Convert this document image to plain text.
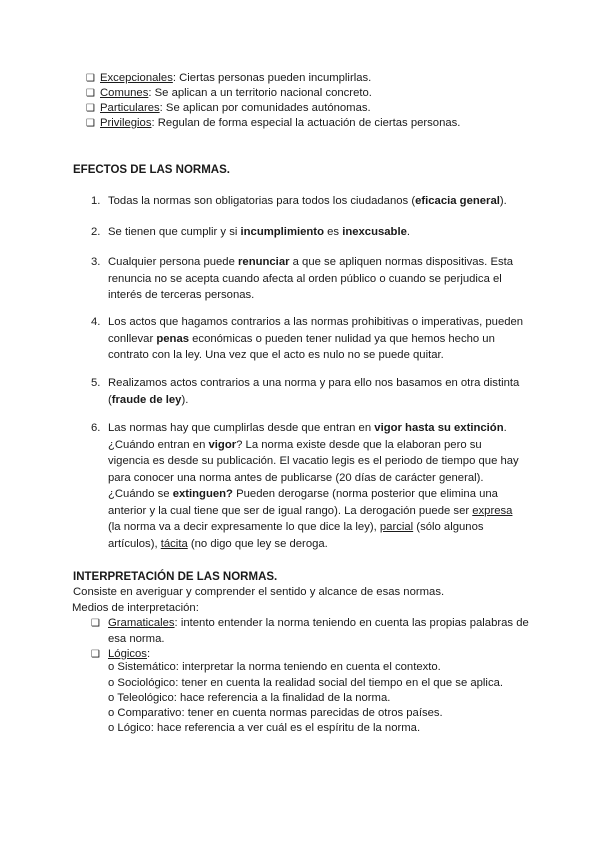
❑ Excepcionales: Ciertas personas pueden incumplirlas.
❑ Comunes: Se aplican a un territorio nacional concreto.
❑ Particulares: Se aplican por comunidades autónomas.
❑ Privilegios: Regulan de forma especial la actuación de ciertas personas.
EFECTOS DE LAS NORMAS.
1. Todas la normas son obligatorias para todos los ciudadanos (eficacia general).
2. Se tienen que cumplir y si incumplimiento es inexcusable.
3. Cualquier persona puede renunciar a que se apliquen normas dispositivas. Esta renuncia no se acepta cuando afecta al orden público o cuando se perjudica el interés de terceras personas.
4. Los actos que hagamos contrarios a las normas prohibitivas o imperativas, pueden conllevar penas económicas o pueden tener nulidad ya que hemos hecho un contrato con la ley. Una vez que el acto es nulo no se puede quitar.
5. Realizamos actos contrarios a una norma y para ello nos basamos en otra distinta (fraude de ley).
6. Las normas hay que cumplirlas desde que entran en vigor hasta su extinción. ¿Cuándo entran en vigor? La norma existe desde que la elaboran pero su vigencia es desde su publicación. El vacatio legis es el periodo de tiempo que hay para conocer una norma antes de publicarse (20 días de carácter general). ¿Cuándo se extinguen? Pueden derogarse (norma posterior que elimina una anterior y la cual tiene que ser de igual rango). La derogación puede ser expresa (la norma va a decir expresamente lo que dice la ley), parcial (sólo algunos artículos), tácita (no digo que ley se deroga.
INTERPRETACIÓN DE LAS NORMAS.
Consiste en averiguar y comprender el sentido y alcance de esas normas.
Medios de interpretación:
❑ Gramaticales: intento entender la norma teniendo en cuenta las propias palabras de esa norma.
❑ Lógicos:
o Sistemático: interpretar la norma teniendo en cuenta el contexto.
o Sociológico: tener en cuenta la realidad social del tiempo en el que se aplica.
o Teleológico: hace referencia a la finalidad de la norma.
o Comparativo: tener en cuenta normas parecidas de otros países.
o Lógico: hace referencia a ver cuál es el espíritu de la norma.
